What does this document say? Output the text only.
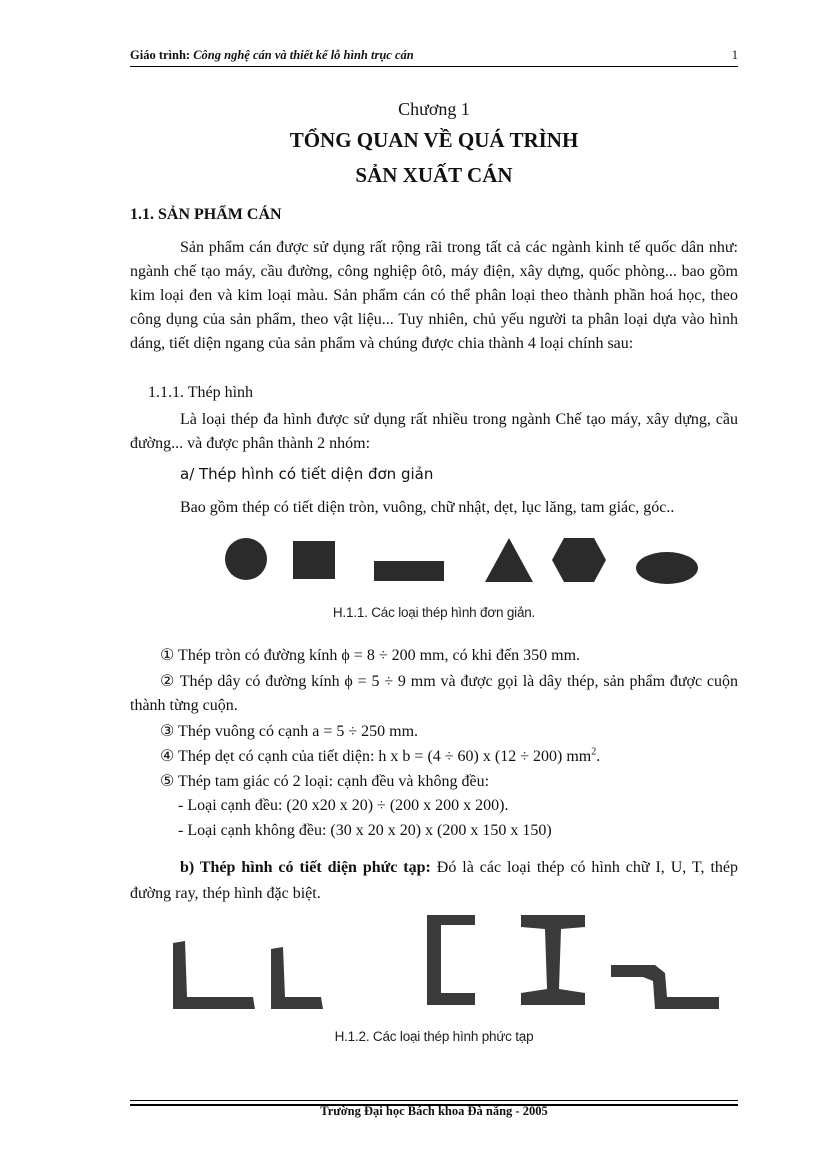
Giáo trình: Công nghệ cán và thiết kế lỗ hình trục cán	1
Chương 1
TỔNG QUAN VỀ QUÁ TRÌNH
SẢN XUẤT CÁN
1.1. SẢN PHẨM CÁN
Sản phẩm cán được sử dụng rất rộng rãi trong tất cả các ngành kinh tế quốc dân như: ngành chế tạo máy, cầu đường, công nghiệp ôtô, máy điện, xây dựng, quốc phòng... bao gồm kim loại đen và kim loại màu. Sản phẩm cán có thể phân loại theo thành phần hoá học, theo công dụng của sản phẩm, theo vật liệu... Tuy nhiên, chủ yếu người ta phân loại dựa vào hình dáng, tiết diện ngang của sản phẩm và chúng được chia thành 4 loại chính sau:
1.1.1. Thép hình
Là loại thép đa hình được sử dụng rất nhiều trong ngành Chế tạo máy, xây dựng, cầu đường... và được phân thành 2 nhóm:
a/ Thép hình có tiết diện đơn giản
Bao gồm thép có tiết diện tròn, vuông, chữ nhật, dẹt, lục lăng, tam giác, góc..
H.1.1. Các loại thép hình đơn giản.
① Thép tròn có đường kính ϕ = 8 ÷ 200 mm, có khi đến 350 mm.
② Thép dây có đường kính ϕ = 5 ÷ 9 mm và được gọi là dây thép, sản phẩm được cuộn thành từng cuộn.
③ Thép vuông có cạnh a = 5 ÷ 250 mm.
④ Thép dẹt có cạnh của tiết diện: h x b = (4 ÷ 60) x (12 ÷ 200) $mm^2$.
⑤ Thép tam giác có 2 loại: cạnh đều và không đều:
- Loại cạnh đều: (20 x20 x 20) ÷ (200 x 200 x 200).
- Loại cạnh không đều: (30 x 20 x 20) x (200 x 150 x 150)
b) Thép hình có tiết diện phức tạp: Đó là các loại thép có hình chữ I, U, T, thép đường ray, thép hình đặc biệt.
H.1.2. Các loại thép hình phức tạp
Trường Đại học Bách khoa Đà nẵng - 2005
